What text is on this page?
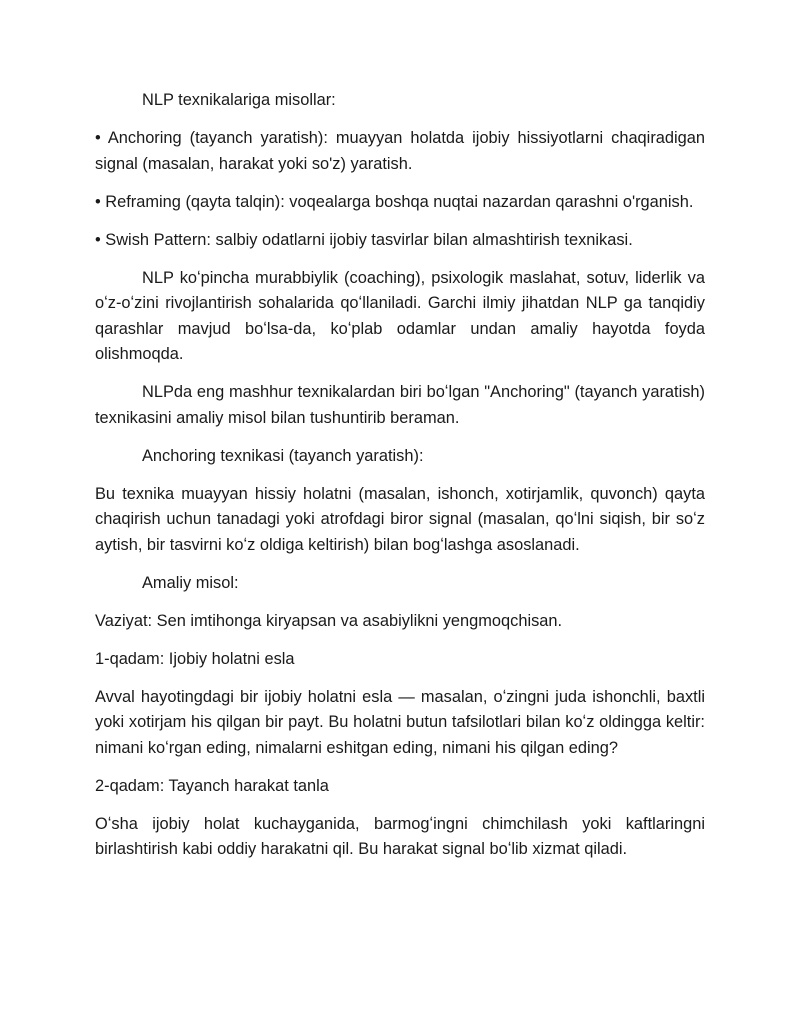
NLP texnikalariga misollar:

• Anchoring (tayanch yaratish): muayyan holatda ijobiy hissiyotlarni chaqiradigan signal (masalan, harakat yoki so'z) yaratish.

• Reframing (qayta talqin): voqealarga boshqa nuqtai nazardan qarashni o'rganish.

• Swish Pattern: salbiy odatlarni ijobiy tasvirlar bilan almashtirish texnikasi.

NLP koʻpincha murabbiylik (coaching), psixologik maslahat, sotuv, liderlik va oʻz-oʻzini rivojlantirish sohalarida qoʻllaniladi. Garchi ilmiy jihatdan NLP ga tanqidiy qarashlar mavjud boʻlsa-da, koʻplab odamlar undan amaliy hayotda foyda olishmoqda.

NLPda eng mashhur texnikalardan biri boʻlgan "Anchoring" (tayanch yaratish) texnikasini amaliy misol bilan tushuntirib beraman.

Anchoring texnikasi (tayanch yaratish):

Bu texnika muayyan hissiy holatni (masalan, ishonch, xotirjamlik, quvonch) qayta chaqirish uchun tanadagi yoki atrofdagi biror signal (masalan, qoʻlni siqish, bir soʻz aytish, bir tasvirni koʻz oldiga keltirish) bilan bogʻlashga asoslanadi.

Amaliy misol:

Vaziyat: Sen imtihonga kiryapsan va asabiylikni yengmoqchisan.

1-qadam: Ijobiy holatni esla

Avval hayotingdagi bir ijobiy holatni esla — masalan, oʻzingni juda ishonchli, baxtli yoki xotirjam his qilgan bir payt. Bu holatni butun tafsilotlari bilan koʻz oldingga keltir: nimani koʻrgan eding, nimalarni eshitgan eding, nimani his qilgan eding?

2-qadam: Tayanch harakat tanla

Oʻsha ijobiy holat kuchayganida, barmogʻingni chimchilash yoki kaftlaringni birlashtirish kabi oddiy harakatni qil. Bu harakat signal boʻlib xizmat qiladi.
